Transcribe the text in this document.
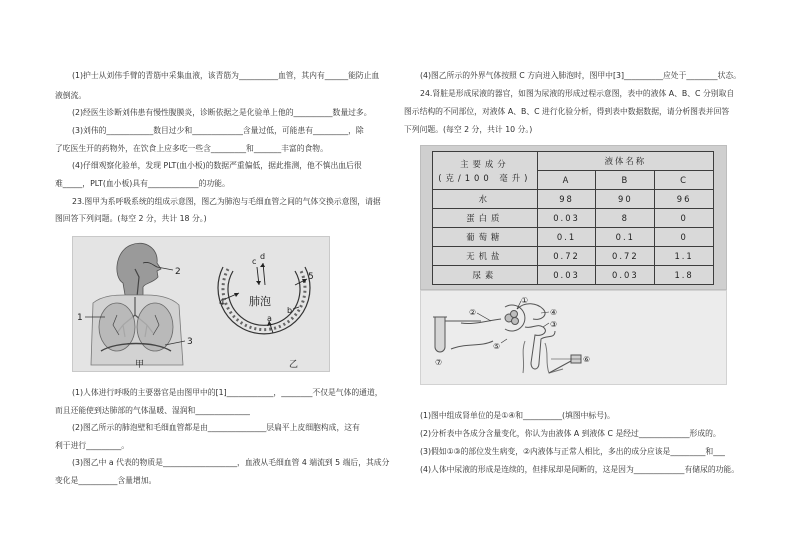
(1)护士从刘伟手臂的青筋中采集血液，该青筋为__________血管，其内有______能防止血
液倒流。
(2)经医生诊断刘伟患有慢性腹膜炎，诊断依据之是化验单上他的__________数量过多。
(3)刘伟的____________数目过少和_____________含量过低，可能患有_________，除
了吃医生开的药物外，在饮食上应多吃一些含_________和_______丰富的食物。
(4)仔细观察化验单，发现 PLT(血小板)的数据严重偏低，据此推测，他不慎出血后很
难_____，PLT(血小板)具有_____________的功能。
23.图甲为系呼吸系统的组成示意图，图乙为肺泡与毛细血管之间的气体交换示意图，请据
图回答下列问题。(每空 2 分，共计 18 分。)
2
1
3
甲
c
d
4
5
肺泡
a
b
乙
(1)人体进行呼吸的主要器官是由图甲中的[1]____________，________不仅是气体的通道，
而且还能使到达肺部的气体温暖、湿润和______________
(2)图乙所示的肺泡壁和毛细血管都是由_______________层扁平上皮细胞构成，这有
利于进行_________。
(3)图乙中 a 代表的物质是___________________，血液从毛细血管 4 端流到 5 端后，其成分
变化是__________含量增加。
(4)图乙所示的外界气体按照 C 方向进入肺泡时，图甲中[3]__________应处于________状态。
24.肾脏是形成尿液的器官，如图为尿液的形成过程示意图，表中的液体 A、B、C 分别取自
图示结构的不同部位，对液体 A、B、C 进行化验分析，得到表中数据数据，请分析图表并回答
下列问题。(每空 2 分，共计 10 分。)
主要成分
(克/100 毫升)	液体名称		
	A	B	C
水	98	90	96
蛋白质	0.03	8	0
葡萄糖	0.1	0.1	0
无机盐	0.72	0.72	1.1
尿素	0.03	0.03	1.8
①
②
③
④
⑤
⑥
⑦
(1)图中组成肾单位的是①④和__________(填图中标号)。
(2)分析表中各成分含量变化，你认为由液体 A 到液体 C 是经过_____________形成的。
(3)假如①③的部位发生病变，②内液体与正常人相比，多出的成分应该是_________和___
(4)人体中尿液的形成是连续的，但排尿却是间断的，这是因为_____________有储尿的功能。
